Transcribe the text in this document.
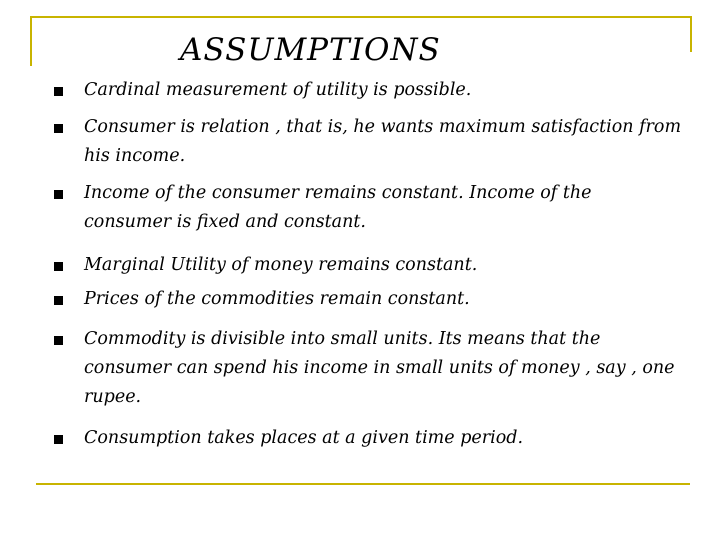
ASSUMPTIONS
Cardinal measurement of utility is possible.
Consumer is relation , that is, he wants maximum satisfaction from his income.
Income of the consumer remains constant. Income of the consumer is fixed and constant.
Marginal Utility of money remains constant.
Prices of the commodities remain constant.
Commodity is divisible into small units. Its means that the consumer can spend his income in small units of money , say , one rupee.
Consumption takes places at a given time period.
